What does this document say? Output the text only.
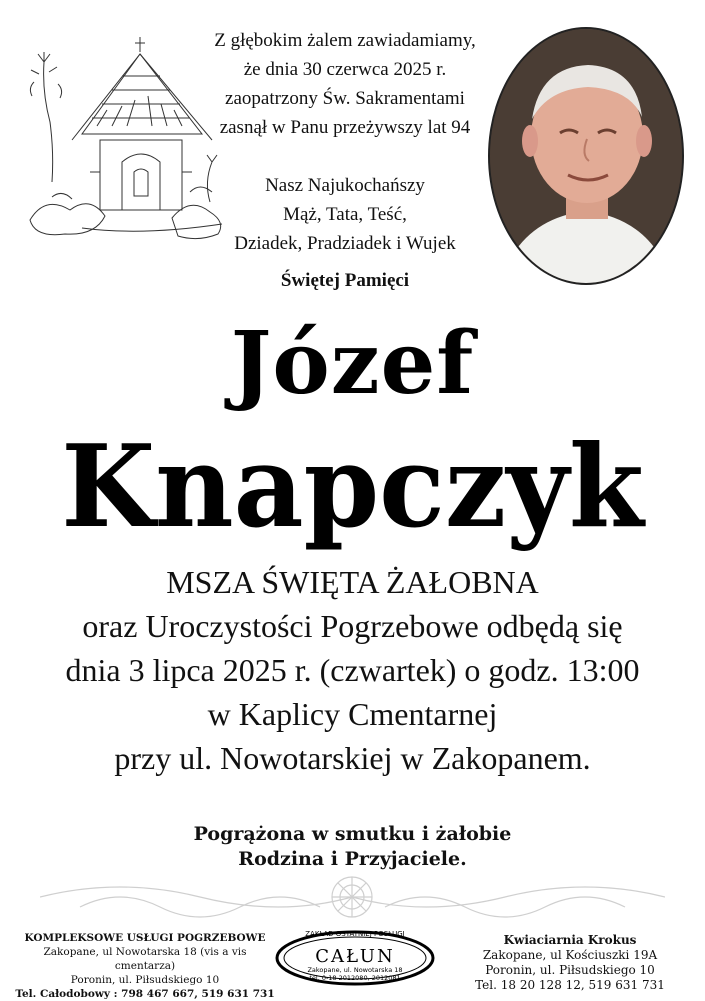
Z głębokim żalem zawiadamiamy,
że dnia 30 czerwca 2025 r.
zaopatrzony Św. Sakramentami
zasnął w Panu przeżywszy lat 94
Nasz Najukochańszy
Mąż, Tata, Teść,
Dziadek, Pradziadek i Wujek
Świętej Pamięci
Józef
Knapczyk
MSZA ŚWIĘTA ŻAŁOBNA
oraz Uroczystości Pogrzebowe odbędą się
dnia 3 lipca 2025 r. (czwartek) o godz. 13:00
w Kaplicy Cmentarnej
przy ul. Nowotarskiej w Zakopanem.
Pogrążona w smutku i żałobie
Rodzina i Przyjaciele.
KOMPLEKSOWE USŁUGI POGRZEBOWE
Zakopane, ul Nowotarska 18 (vis a vis cmentarza)
Poronin, ul. Piłsudskiego 10
Tel. Całodobowy : 798 467 667, 519 631 731
ZAKŁAD OSTATNIEJ POSŁUGI
CAŁUN
Zakopane, ul. Nowotarska 18
tel. 0-18 2012080, 2012081
Kwiaciarnia Krokus
Zakopane, ul Kościuszki 19A
Poronin, ul. Piłsudskiego 10
Tel. 18 20 128 12, 519 631 731
